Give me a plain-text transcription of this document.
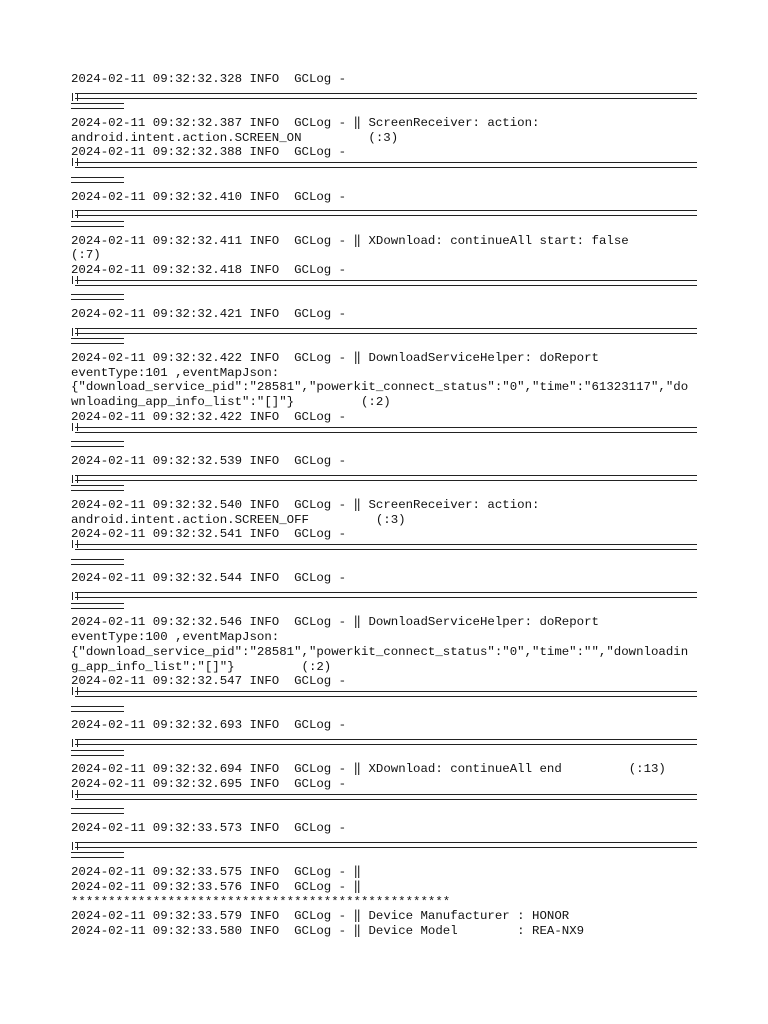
2024-02-11 09:32:32.328 INFO  GCLog -
2024-02-11 09:32:32.387 INFO  GCLog - ‖ ScreenReceiver: action:
android.intent.action.SCREEN_ON         (:3)
2024-02-11 09:32:32.388 INFO  GCLog -
2024-02-11 09:32:32.410 INFO  GCLog -
2024-02-11 09:32:32.411 INFO  GCLog - ‖ XDownload: continueAll start: false
(:7)
2024-02-11 09:32:32.418 INFO  GCLog -
2024-02-11 09:32:32.421 INFO  GCLog -
2024-02-11 09:32:32.422 INFO  GCLog - ‖ DownloadServiceHelper: doReport
eventType:101 ,eventMapJson:
{"download_service_pid":"28581","powerkit_connect_status":"0","time":"61323117","do
wnloading_app_info_list":"[]"}         (:2)
2024-02-11 09:32:32.422 INFO  GCLog -
2024-02-11 09:32:32.539 INFO  GCLog -
2024-02-11 09:32:32.540 INFO  GCLog - ‖ ScreenReceiver: action:
android.intent.action.SCREEN_OFF         (:3)
2024-02-11 09:32:32.541 INFO  GCLog -
2024-02-11 09:32:32.544 INFO  GCLog -
2024-02-11 09:32:32.546 INFO  GCLog - ‖ DownloadServiceHelper: doReport
eventType:100 ,eventMapJson:
{"download_service_pid":"28581","powerkit_connect_status":"0","time":"","downloadin
g_app_info_list":"[]"}         (:2)
2024-02-11 09:32:32.547 INFO  GCLog -
2024-02-11 09:32:32.693 INFO  GCLog -
2024-02-11 09:32:32.694 INFO  GCLog - ‖ XDownload: continueAll end         (:13)
2024-02-11 09:32:32.695 INFO  GCLog -
2024-02-11 09:32:33.573 INFO  GCLog -
2024-02-11 09:32:33.575 INFO  GCLog - ‖
2024-02-11 09:32:33.576 INFO  GCLog - ‖
***************************************************
2024-02-11 09:32:33.579 INFO  GCLog - ‖ Device Manufacturer : HONOR
2024-02-11 09:32:33.580 INFO  GCLog - ‖ Device Model        : REA-NX9
